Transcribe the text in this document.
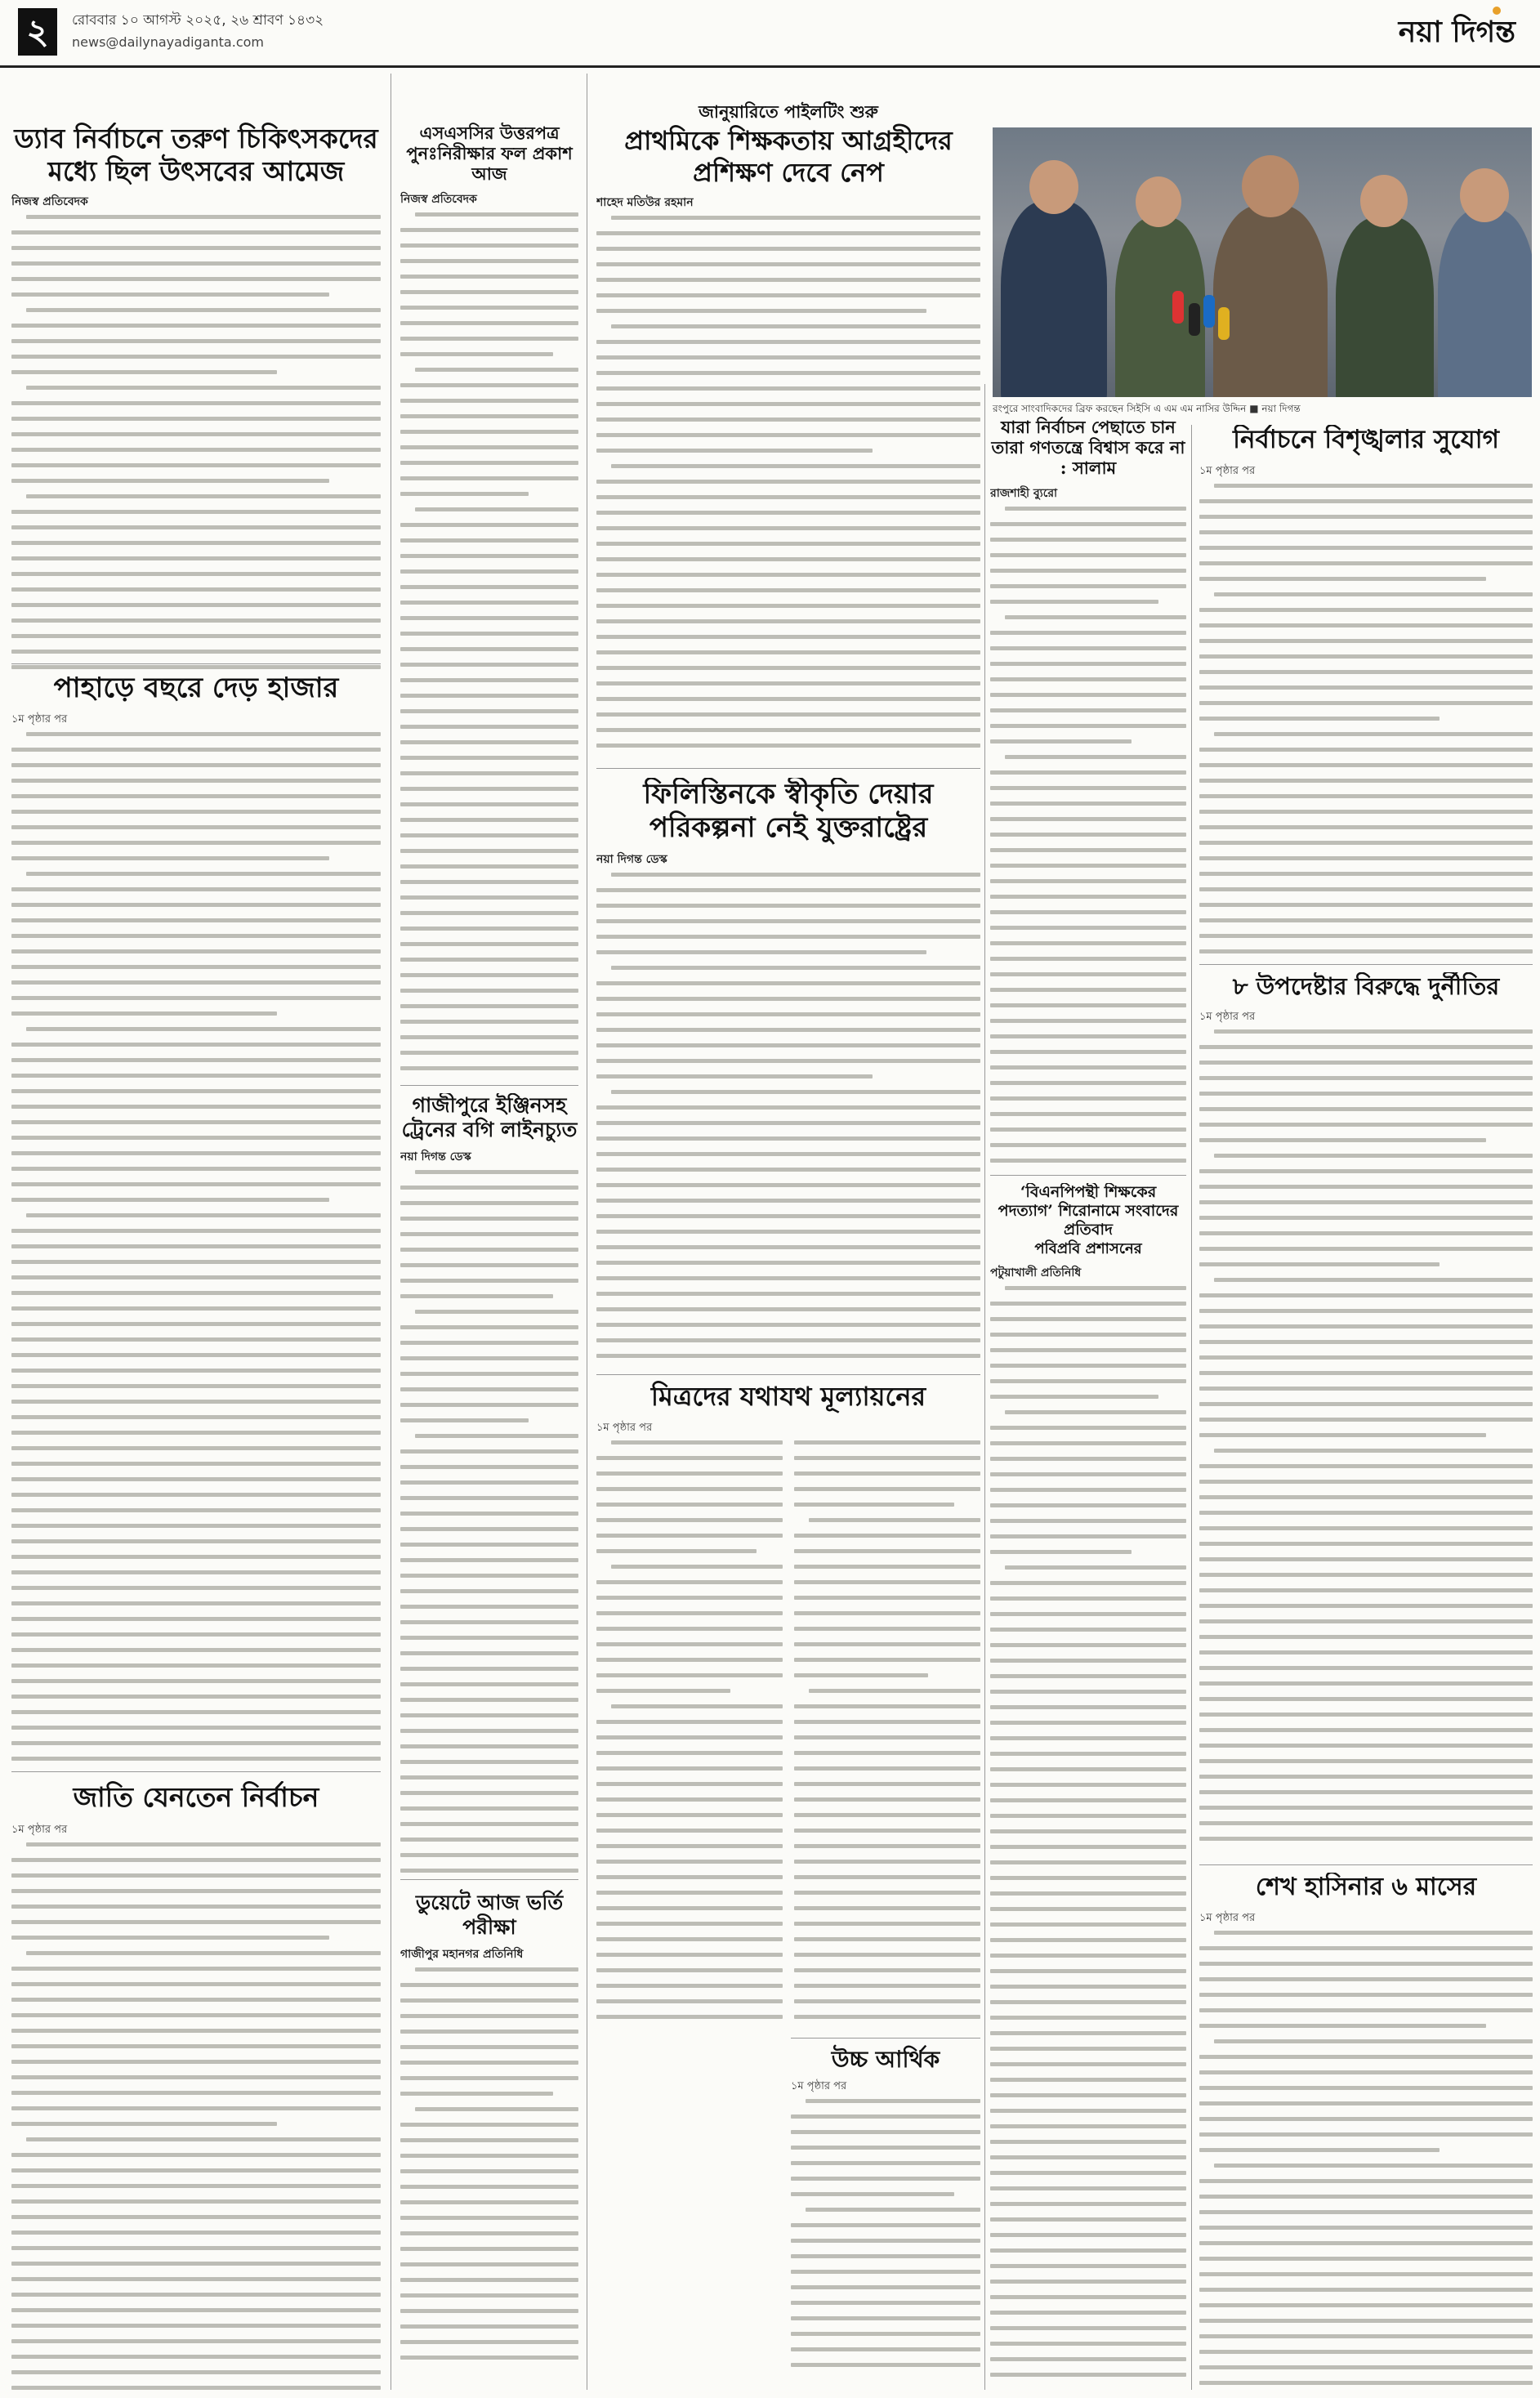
২	রোববার ১০ আগস্ট ২০২৫, ২৬ শ্রাবণ ১৪৩২
news@dailynayadiganta.com	নয়া দিগন্ত
ড্যাব নির্বাচনে তরুণ চিকিৎসকদের মধ্যে ছিল উৎসবের আমেজ

নিজস্ব প্রতিবেদক

পাহাড়ে বছরে দেড় হাজার

১ম পৃষ্ঠার পর

জাতি যেনতেন নির্বাচন

১ম পৃষ্ঠার পর

এসএসসির উত্তরপত্র পুনঃনিরীক্ষার ফল প্রকাশ আজ

নিজস্ব প্রতিবেদক

গাজীপুরে ইঞ্জিনসহ ট্রেনের বগি লাইনচ্যুত

নয়া দিগন্ত ডেস্ক

ডুয়েটে আজ ভর্তি পরীক্ষা

গাজীপুর মহানগর প্রতিনিধি

জানুয়ারিতে পাইলটিং শুরু

প্রাথমিকে শিক্ষকতায় আগ্রহীদের প্রশিক্ষণ দেবে নেপ

শাহেদ মতিউর রহমান

ফিলিস্তিনকে স্বীকৃতি দেয়ার পরিকল্পনা নেই যুক্তরাষ্ট্রের

নয়া দিগন্ত ডেস্ক

মিত্রদের যথাযথ মূল্যায়নের

১ম পৃষ্ঠার পর

উচ্চ আর্থিক

১ম পৃষ্ঠার পর

যারা নির্বাচন পেছাতে চান তারা গণতন্ত্রে বিশ্বাস করে না : সালাম

রাজশাহী ব্যুরো

‘বিএনপিপন্থী শিক্ষকের পদত্যাগ’ শিরোনামে সংবাদের প্রতিবাদ

পবিপ্রবি প্রশাসনের

পটুয়াখালী প্রতিনিধি

রংপুরে সাংবাদিকদের ব্রিফ করছেন সিইসি এ এম এম নাসির উদ্দিন ■ নয়া দিগন্ত
নির্বাচনে বিশৃঙ্খলার সুযোগ

১ম পৃষ্ঠার পর

৮ উপদেষ্টার বিরুদ্ধে দুর্নীতির

১ম পৃষ্ঠার পর

শেখ হাসিনার ৬ মাসের

১ম পৃষ্ঠার পর
